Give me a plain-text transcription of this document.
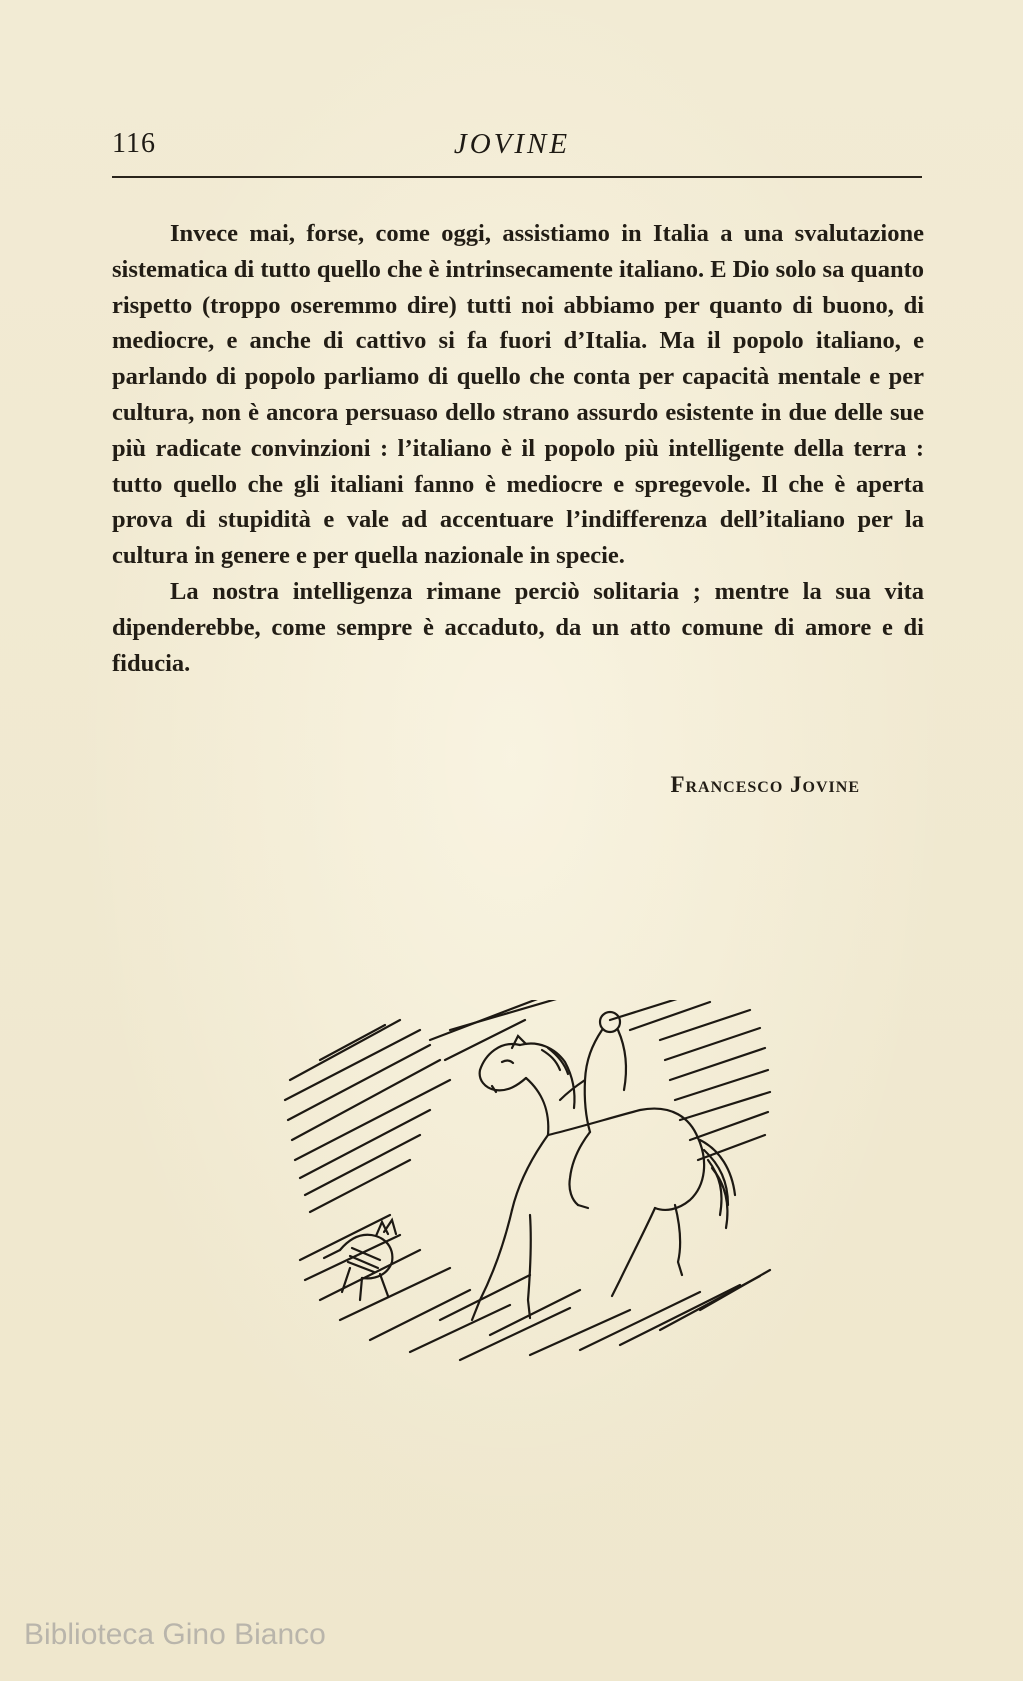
116	JOVINE

Invece mai, forse, come oggi, assistiamo in Italia a una svalutazione sistematica di tutto quello che è intrinsecamente italiano. E Dio solo sa quanto rispetto (troppo oseremmo dire) tutti noi abbiamo per quanto di buono, di mediocre, e anche di cattivo si fa fuori d’Italia. Ma il popolo italiano, e parlando di popolo parliamo di quello che conta per capacità mentale e per cultura, non è ancora persuaso dello strano assurdo esistente in due delle sue più radicate convinzioni : l’italiano è il popolo più intelligente della terra : tutto quello che gli italiani fanno è mediocre e spregevole. Il che è aperta prova di stupidità e vale ad accentuare l’indifferenza dell’italiano per la cultura in genere e per quella nazionale in specie.

La nostra intelligenza rimane perciò solitaria ; mentre la sua vita dipenderebbe, come sempre è accaduto, da un atto comune di amore e di fiducia.

Francesco Jovine
Biblioteca Gino Bianco
